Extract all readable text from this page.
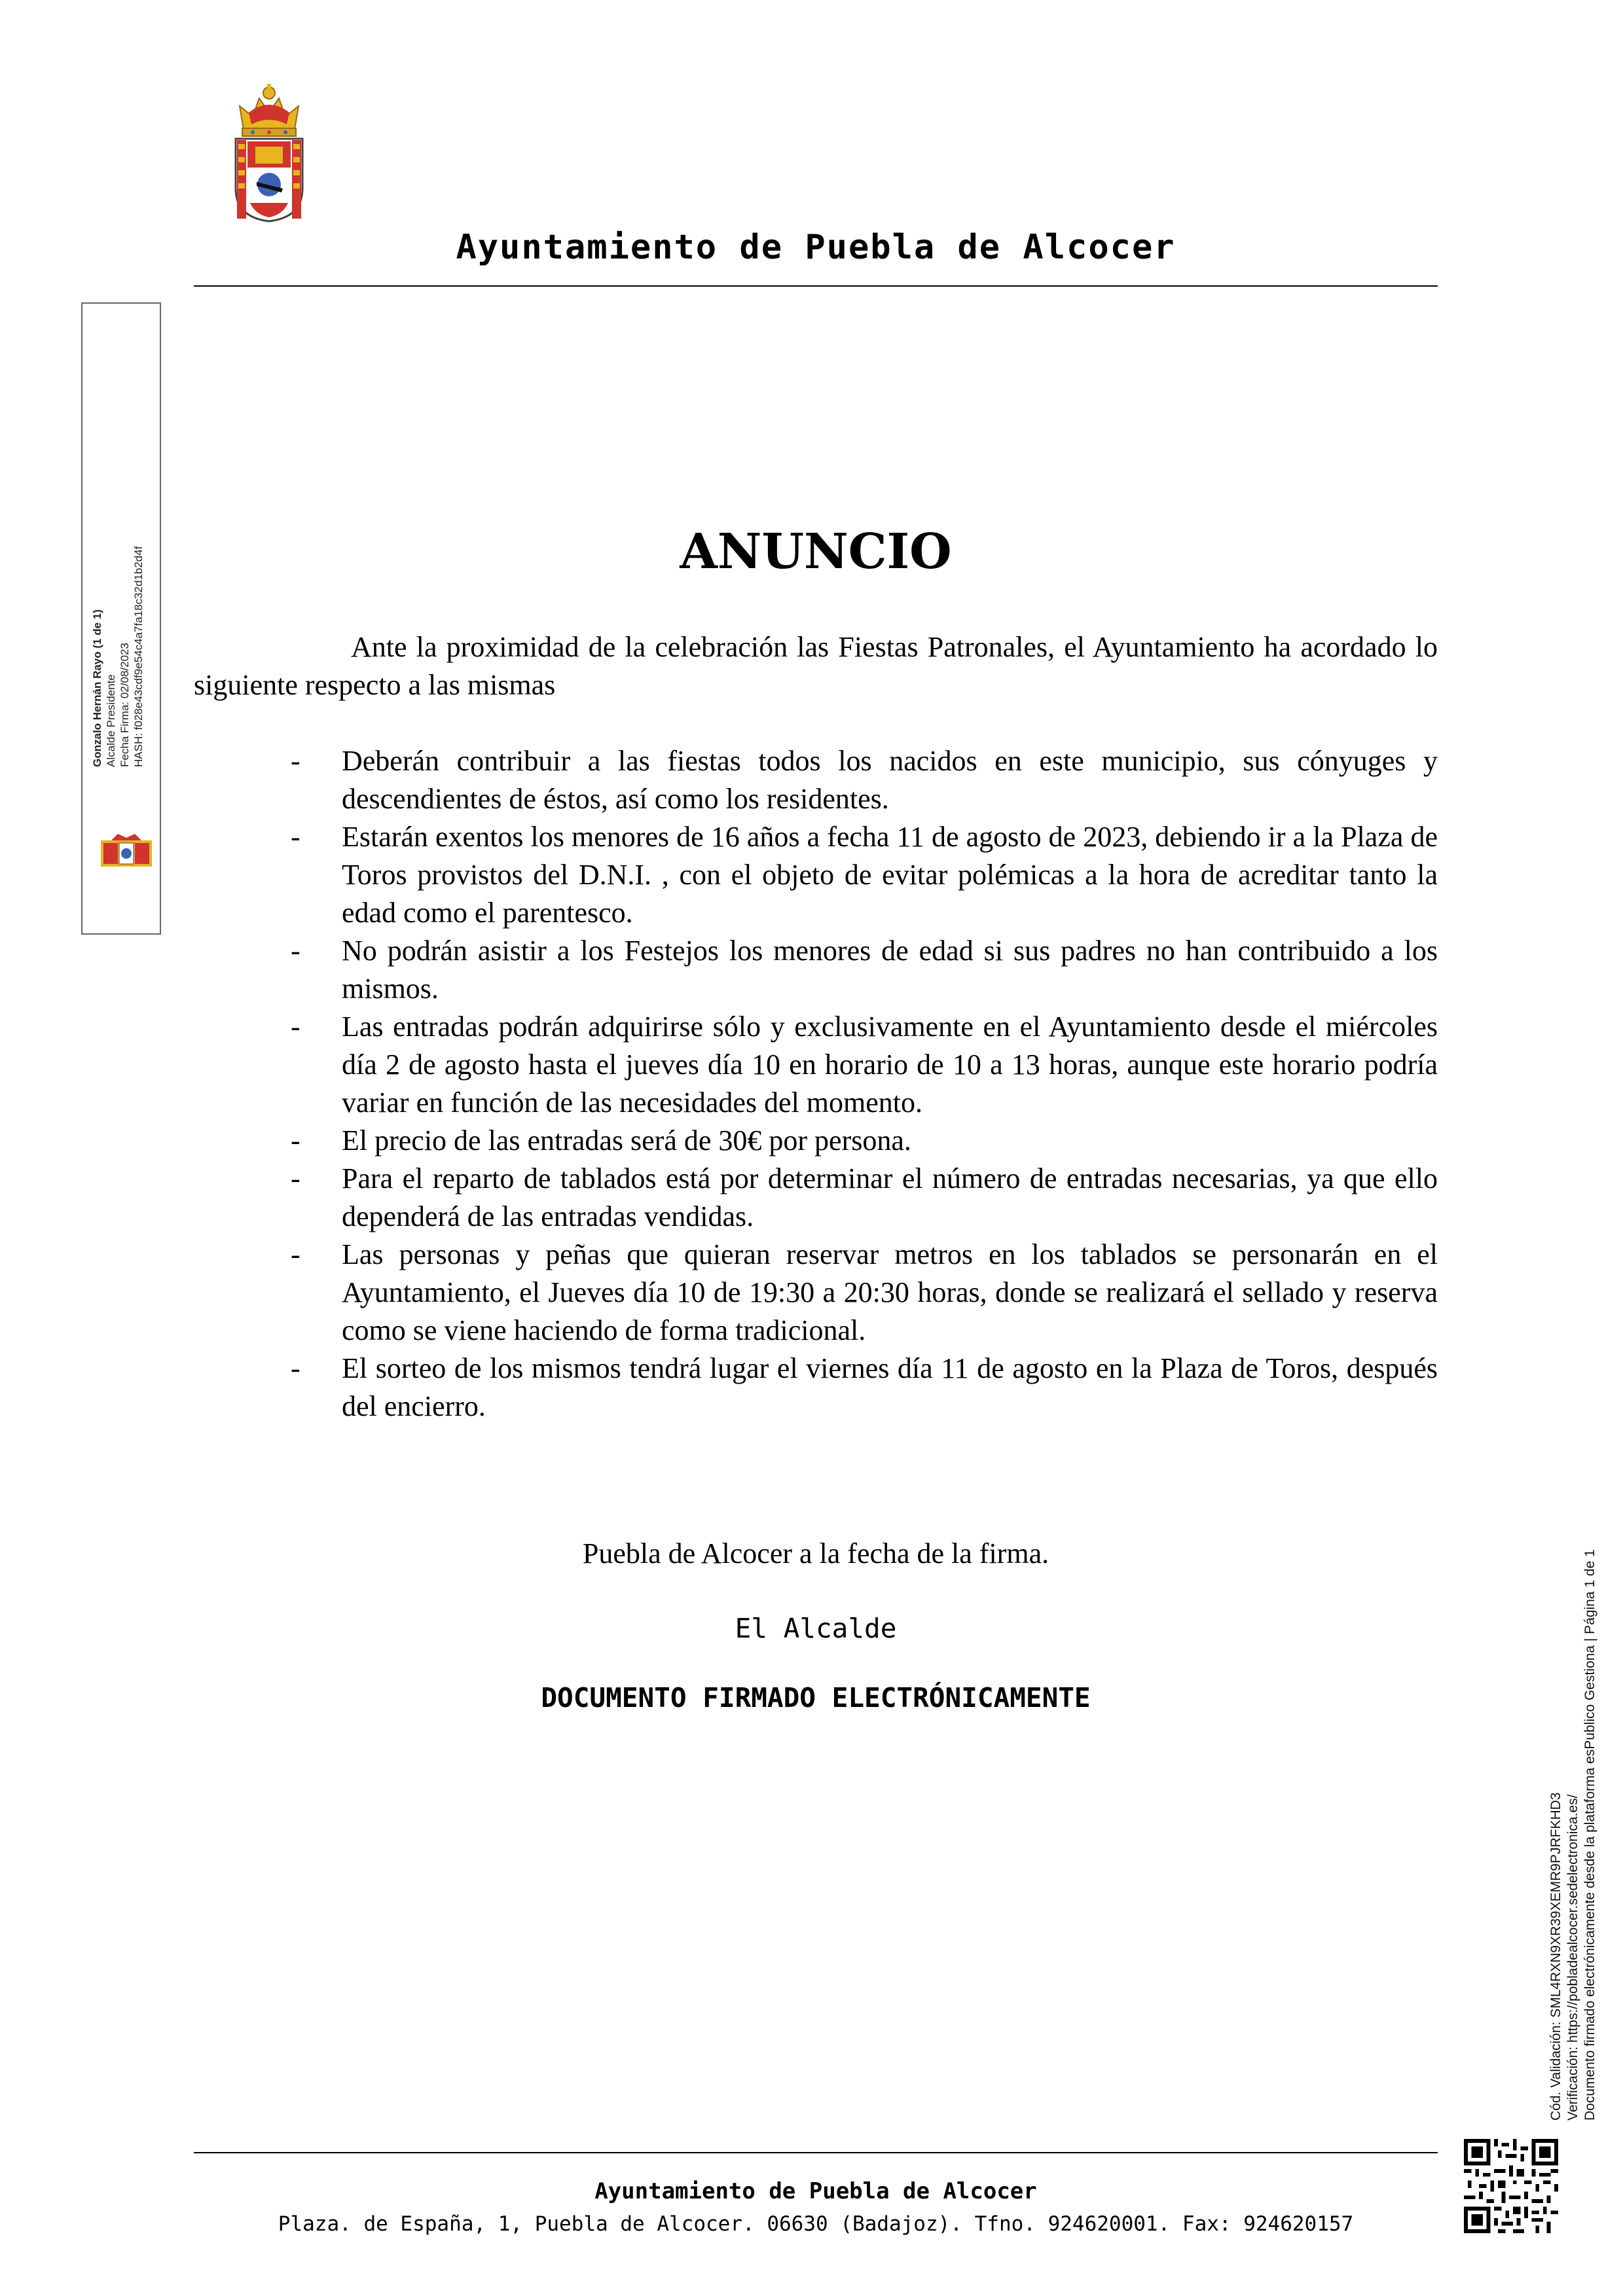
Ayuntamiento de Puebla de Alcocer
Gonzalo Hernán Rayo (1 de 1) Alcalde Presidente Fecha Firma: 02/08/2023 HASH: f028e43cdf9e54c4a7fa18c32d1b2d4f	ANUNCIO

Ante la proximidad de la celebración las Fiestas Patronales, el Ayuntamiento ha acordado lo siguiente respecto a las mismas

- Deberán contribuir a las fiestas todos los nacidos en este municipio, sus cónyuges y descendientes de éstos, así como los residentes.
- Estarán exentos los menores de 16 años a fecha 11 de agosto de 2023, debiendo ir a la Plaza de Toros provistos del D.N.I. , con el objeto de evitar polémicas a la hora de acreditar tanto la edad como el parentesco.
- No podrán asistir a los Festejos los menores de edad si sus padres no han contribuido a los mismos.
- Las entradas podrán adquirirse sólo y exclusivamente en el Ayuntamiento desde el miércoles día 2 de agosto hasta el jueves día 10 en horario de 10 a 13 horas, aunque este horario podría variar en función de las necesidades del momento.
- El precio de las entradas será de 30€ por persona.
- Para el reparto de tablados está por determinar el número de entradas necesarias, ya que ello dependerá de las entradas vendidas.
- Las personas y peñas que quieran reservar metros en los tablados se personarán en el Ayuntamiento, el Jueves día 10 de 19:30 a 20:30 horas, donde se realizará el sellado y reserva como se viene haciendo de forma tradicional.
- El sorteo de los mismos tendrá lugar el viernes día 11 de agosto en la Plaza de Toros, después del encierro.
Puebla de Alcocer a la fecha de la firma.
El Alcalde
DOCUMENTO FIRMADO ELECTRÓNICAMENTE
Cód. Validación: SML4RXN9XR39XEMR9PJRFKHD3 Verificación: https://pobladealcocer.sedelectronica.es/ Documento firmado electrónicamente desde la plataforma esPublico Gestiona | Página 1 de 1
Ayuntamiento de Puebla de Alcocer
Plaza. de España, 1, Puebla de Alcocer. 06630 (Badajoz). Tfno. 924620001. Fax: 924620157
